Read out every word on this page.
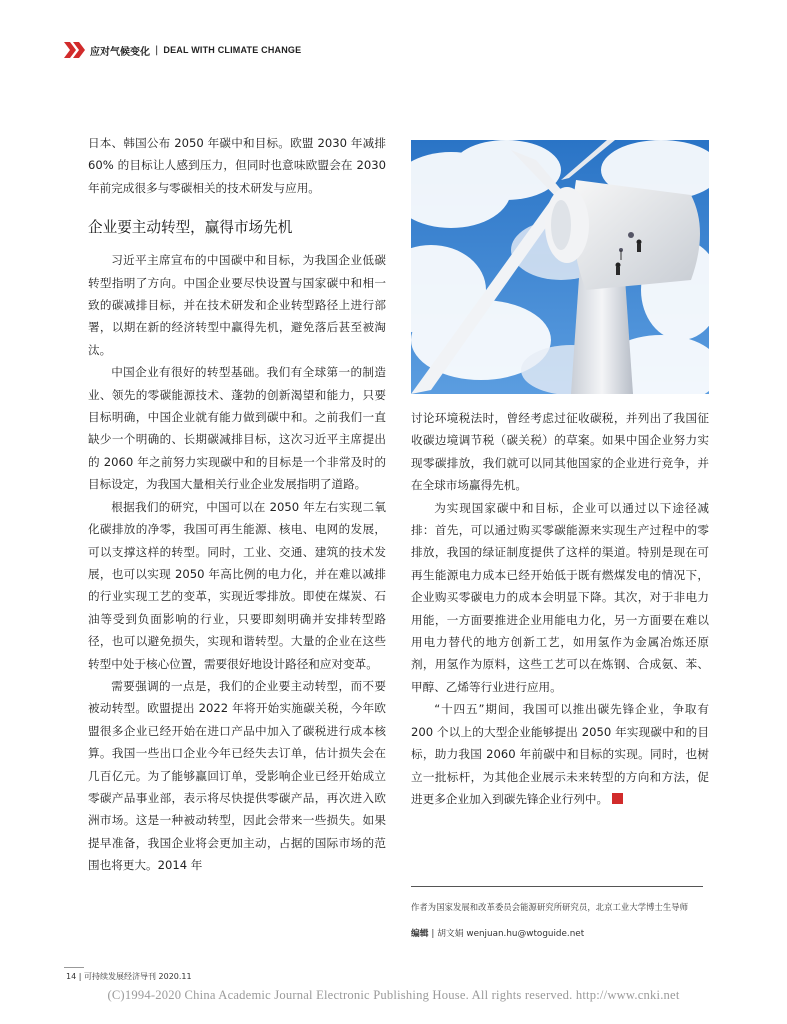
应对气候变化 | DEAL WITH CLIMATE CHANGE

日本、韩国公布 2050 年碳中和目标。欧盟 2030 年减排 60% 的目标让人感到压力，但同时也意味欧盟会在 2030 年前完成很多与零碳相关的技术研发与应用。

企业要主动转型，赢得市场先机

习近平主席宣布的中国碳中和目标，为我国企业低碳转型指明了方向。中国企业要尽快设置与国家碳中和相一致的碳减排目标，并在技术研发和企业转型路径上进行部署，以期在新的经济转型中赢得先机，避免落后甚至被淘汰。

中国企业有很好的转型基础。我们有全球第一的制造业、领先的零碳能源技术、蓬勃的创新渴望和能力，只要目标明确，中国企业就有能力做到碳中和。之前我们一直缺少一个明确的、长期碳减排目标，这次习近平主席提出的 2060 年之前努力实现碳中和的目标是一个非常及时的目标设定，为我国大量相关行业企业发展指明了道路。

根据我们的研究，中国可以在 2050 年左右实现二氧化碳排放的净零，我国可再生能源、核电、电网的发展，可以支撑这样的转型。同时，工业、交通、建筑的技术发展，也可以实现 2050 年高比例的电力化，并在难以减排的行业实现工艺的变革，实现近零排放。即使在煤炭、石油等受到负面影响的行业，只要即刻明确并安排转型路径，也可以避免损失，实现和谐转型。大量的企业在这些转型中处于核心位置，需要很好地设计路径和应对变革。

需要强调的一点是，我们的企业要主动转型，而不要被动转型。欧盟提出 2022 年将开始实施碳关税，今年欧盟很多企业已经开始在进口产品中加入了碳税进行成本核算。我国一些出口企业今年已经失去订单，估计损失会在几百亿元。为了能够赢回订单，受影响企业已经开始成立零碳产品事业部，表示将尽快提供零碳产品，再次进入欧洲市场。这是一种被动转型，因此会带来一些损失。如果提早准备，我国企业将会更加主动，占据的国际市场的范围也将更大。2014 年

讨论环境税法时，曾经考虑过征收碳税，并列出了我国征收碳边境调节税（碳关税）的草案。如果中国企业努力实现零碳排放，我们就可以同其他国家的企业进行竞争，并在全球市场赢得先机。

为实现国家碳中和目标，企业可以通过以下途径减排：首先，可以通过购买零碳能源来实现生产过程中的零排放，我国的绿证制度提供了这样的渠道。特别是现在可再生能源电力成本已经开始低于既有燃煤发电的情况下，企业购买零碳电力的成本会明显下降。其次，对于非电力用能，一方面要推进企业用能电力化，另一方面要在难以用电力替代的地方创新工艺，如用氢作为金属冶炼还原剂，用氢作为原料，这些工艺可以在炼钢、合成氨、苯、甲醇、乙烯等行业进行应用。

“十四五”期间，我国可以推出碳先锋企业，争取有 200 个以上的大型企业能够提出 2050 年实现碳中和的目标，助力我国 2060 年前碳中和目标的实现。同时，也树立一批标杆，为其他企业展示未来转型的方向和方法，促进更多企业加入到碳先锋企业行列中。

作者为国家发展和改革委员会能源研究所研究员，北京工业大学博士生导师
编辑 | 胡文娟 wenjuan.hu@wtoguide.net
14 | 可持续发展经济导刊 2020.11
(C)1994-2020 China Academic Journal Electronic Publishing House. All rights reserved. http://www.cnki.net
